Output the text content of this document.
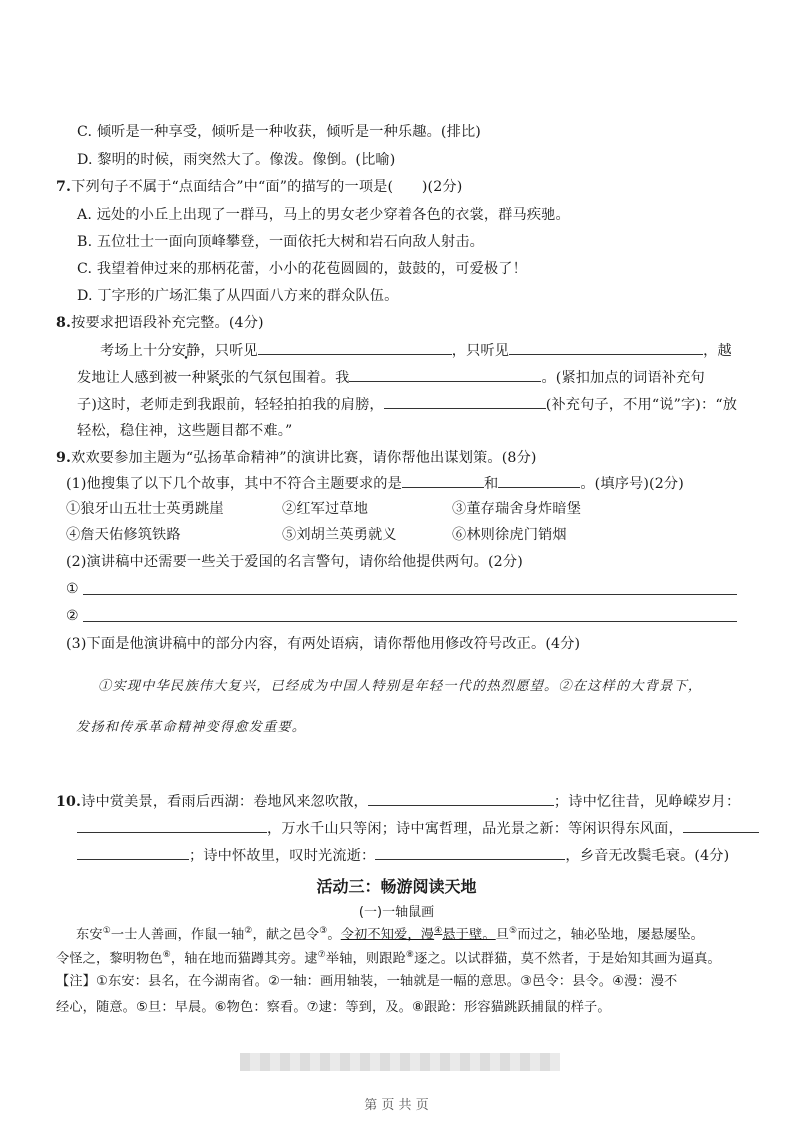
C. 倾听是一种享受，倾听是一种收获，倾听是一种乐趣。(排比)
D. 黎明的时候，雨突然大了。像泼。像倒。(比喻)
7.下列句子不属于“点面结合”中“面”的描写的一项是(　　)(2分)
A. 远处的小丘上出现了一群马，马上的男女老少穿着各色的衣裳，群马疾驰。
B. 五位壮士一面向顶峰攀登，一面依托大树和岩石向敌人射击。
C. 我望着伸过来的那柄花蕾，小小的花苞圆圆的，鼓鼓的，可爱极了！
D. 丁字形的广场汇集了从四面八方来的群众队伍。
8.按要求把语段补充完整。(4分)
考场上十分安静，只听见	，只听见	，越
发地让人感到被一种紧张的气氛包围着。我	。(紧扣加点的词语补充句
子)这时，老师走到我跟前，轻轻拍拍我的肩膀，	(补充句子，不用“说”字)：“放
轻松，稳住神，这些题目都不难。”
9.欢欢要参加主题为“弘扬革命精神”的演讲比赛，请你帮他出谋划策。(8分)
(1)他搜集了以下几个故事，其中不符合主题要求的是	和	。(填序号)(2分)
①狼牙山五壮士英勇跳崖	②红军过草地	③董存瑞舍身炸暗堡
④詹天佑修筑铁路	⑤刘胡兰英勇就义	⑥林则徐虎门销烟
(2)演讲稿中还需要一些关于爱国的名言警句，请你给他提供两句。(2分)
①
②
(3)下面是他演讲稿中的部分内容，有两处语病，请你帮他用修改符号改正。(4分)
①实现中华民族伟大复兴，已经成为中国人特别是年轻一代的热烈愿望。②在这样的大背景下，
发扬和传承革命精神变得愈发重要。
10.诗中赏美景，看雨后西湖：卷地风来忽吹散，	；诗中忆往昔，见峥嵘岁月：
，万水千山只等闲；诗中寓哲理，品光景之新：等闲识得东风面，
；诗中怀故里，叹时光流逝：	，乡音无改鬓毛衰。(4分)
活动三：畅游阅读天地
(一)一轴鼠画
东安①一士人善画，作鼠一轴②，献之邑令③。令初不知爱，漫④悬于壁。旦⑤而过之，轴必坠地，屡悬屡坠。
令怪之，黎明物色⑥，轴在地而猫蹲其旁。逮⑦举轴，则跟跄⑧逐之。以试群猫，莫不然者，于是始知其画为逼真。
【注】①东安：县名，在今湖南省。②一轴：画用轴装，一轴就是一幅的意思。③邑令：县令。④漫：漫不
经心，随意。⑤旦：早晨。⑥物色：察看。⑦逮：等到，及。⑧跟跄：形容猫跳跃捕鼠的样子。
第 页 共 页
